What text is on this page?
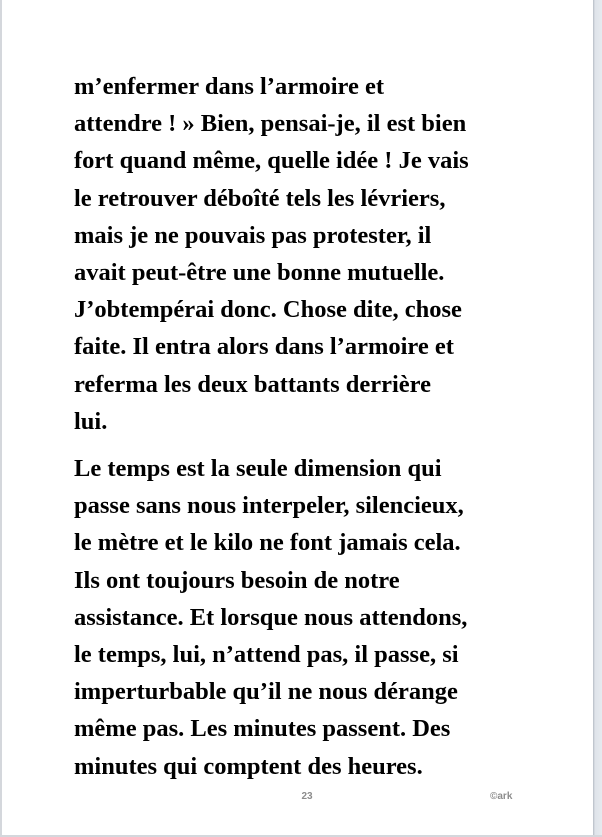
m’enfermer dans l’armoire et
attendre ! » Bien, pensai-je, il est bien
fort quand même, quelle idée ! Je vais
le retrouver déboîté tels les lévriers,
mais je ne pouvais pas protester, il
avait peut-être une bonne mutuelle.
J’obtempérai donc. Chose dite, chose
faite. Il entra alors dans l’armoire et
referma les deux battants derrière
lui.
Le temps est la seule dimension qui
passe sans nous interpeler, silencieux,
le mètre et le kilo ne font jamais cela.
Ils ont toujours besoin de notre
assistance. Et lorsque nous attendons,
le temps, lui, n’attend pas, il passe, si
imperturbable qu’il ne nous dérange
même pas. Les minutes passent. Des
minutes qui comptent des heures.
23	©ark
